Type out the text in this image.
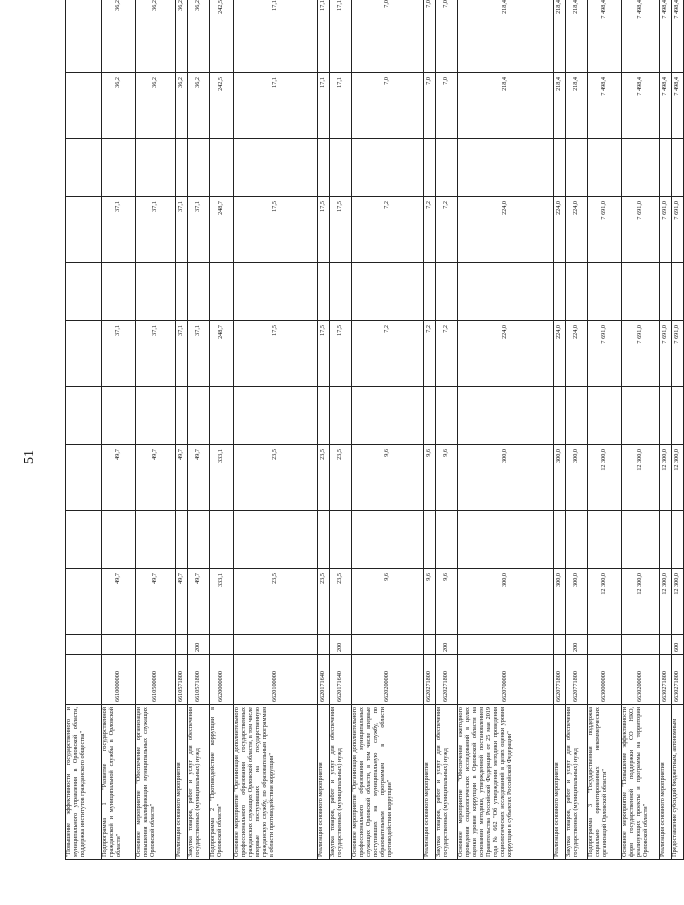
51
"Повышение эффективности государственного и муниципального управления в Орловской области, поддержка институтов гражданского общества"												
Подпрограмма 1 "Развитие государственной гражданской и муниципальной службы в Орловской области"	6610000000		49,7		49,7		37,1		37,1		36,2	36,2
Основное мероприятие "Обеспечение организации повышения квалификации муниципальных служащих Орловской области"	6610500000		49,7		49,7		37,1		37,1		36,2	36,2
Реализация основного мероприятия	6610571800		49,7		49,7		37,1		37,1		36,2	36,2
Закупка товаров, работ и услуг для обеспечения государственных (муниципальных) нужд	6610571800	200	49,7		49,7		37,1		37,1		36,2	36,2
Подпрограмма 2 "Противодействие коррупции в Орловской области"	6620000000		333,1		333,1		248,7		248,7		242,5	242,5
Основное мероприятие "Организация дополнительного профессионального образования государственных гражданских служащих Орловской области, в том числе впервые поступивших на государственную гражданскую службу, по образовательным программам в области противодействия коррупции"	6620100000		23,5		23,5		17,5		17,5		17,1	17,1
Реализация основного мероприятия	6620171640		23,5		23,5		17,5		17,5		17,1	17,1
Закупка товаров, работ и услуг для обеспечения государственных (муниципальных) нужд	6620171640	200	23,5		23,5		17,5		17,5		17,1	17,1
Основное мероприятие "Организация дополнительного профессионального образования муниципальных служащих Орловской области, в том числе впервые поступивших на муниципальную службу, по образовательным программам в области противодействия коррупции"	6620200000		9,6		9,6		7,2		7,2		7,0	7,0
Реализация основного мероприятия	6620271800		9,6		9,6		7,2		7,2		7,0	7,0
Закупка товаров, работ и услуг для обеспечения государственных (муниципальных) нужд	6620271800	200	9,6		9,6		7,2		7,2		7,0	7,0
Основное мероприятие "Обеспечение ежегодного проведения социологических исследований в целях оценки уровня коррупции в Орловской области на основании методики, утвержденной постановлением Правительства Российской Федерации от 25 мая 2019 года № 662 "Об утверждении методики проведения социологических исследований в целях оценки уровня коррупции в субъектах Российской Федерации"	6620700000		300,0		300,0		224,0		224,0		218,4	218,4
Реализация основного мероприятия	6620771800		300,0		300,0		224,0		224,0		218,4	218,4
Закупка товаров, работ и услуг для обеспечения государственных (муниципальных) нужд	6620771800	200	300,0		300,0		224,0		224,0		218,4	218,4
Подпрограмма 3 "Государственная поддержка социально ориентированных некоммерческих организаций Орловской области"	6630000000		12 300,0		12 300,0		7 691,0		7 691,0		7 498,4	7 498,4
Основное мероприятие "Повышение эффективности форм государственной поддержки СО НКО, реализующих проекты и программы на территории Орловской области"	6630200000		12 300,0		12 300,0		7 691,0		7 691,0		7 498,4	7 498,4
Реализация основного мероприятия	6630271800		12 300,0		12 300,0		7 691,0		7 691,0		7 498,4	7 498,4
Предоставление субсидий бюджетным, автономным	6630271800	600	12 300,0		12 300,0		7 691,0		7 691,0		7 498,4	7 498,4
